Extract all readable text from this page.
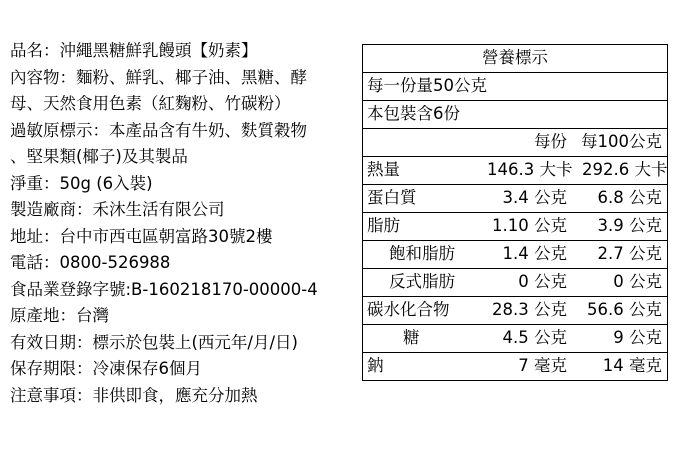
品名：沖繩黑糖鮮乳饅頭【奶素】
內容物：麵粉、鮮乳、椰子油、黑糖、酵
母、天然食用色素（紅麴粉、竹碳粉）
過敏原標示：本產品含有牛奶、麩質穀物
、堅果類(椰子)及其製品
淨重：50g (6入裝)
製造廠商：禾沐生活有限公司
地址：台中市西屯區朝富路30號2樓
電話：0800-526988
食品業登錄字號:B-160218170-00000-4
原產地：台灣
有效日期：標示於包裝上(西元年/月/日)
保存期限：冷凍保存6個月
注意事項：非供即食，應充分加熱
營養標示
每一份量50公克
本包裝含6份
每份 每100公克
熱量	146.3 大卡 292.6 大卡
蛋白質	3.4 公克	6.8 公克
脂肪	1.10 公克	3.9 公克
飽和脂肪	1.4 公克	2.7 公克
反式脂肪	0 公克	0 公克
碳水化合物	28.3 公克	56.6 公克
糖	4.5 公克	9 公克
鈉	7 毫克	14 毫克
